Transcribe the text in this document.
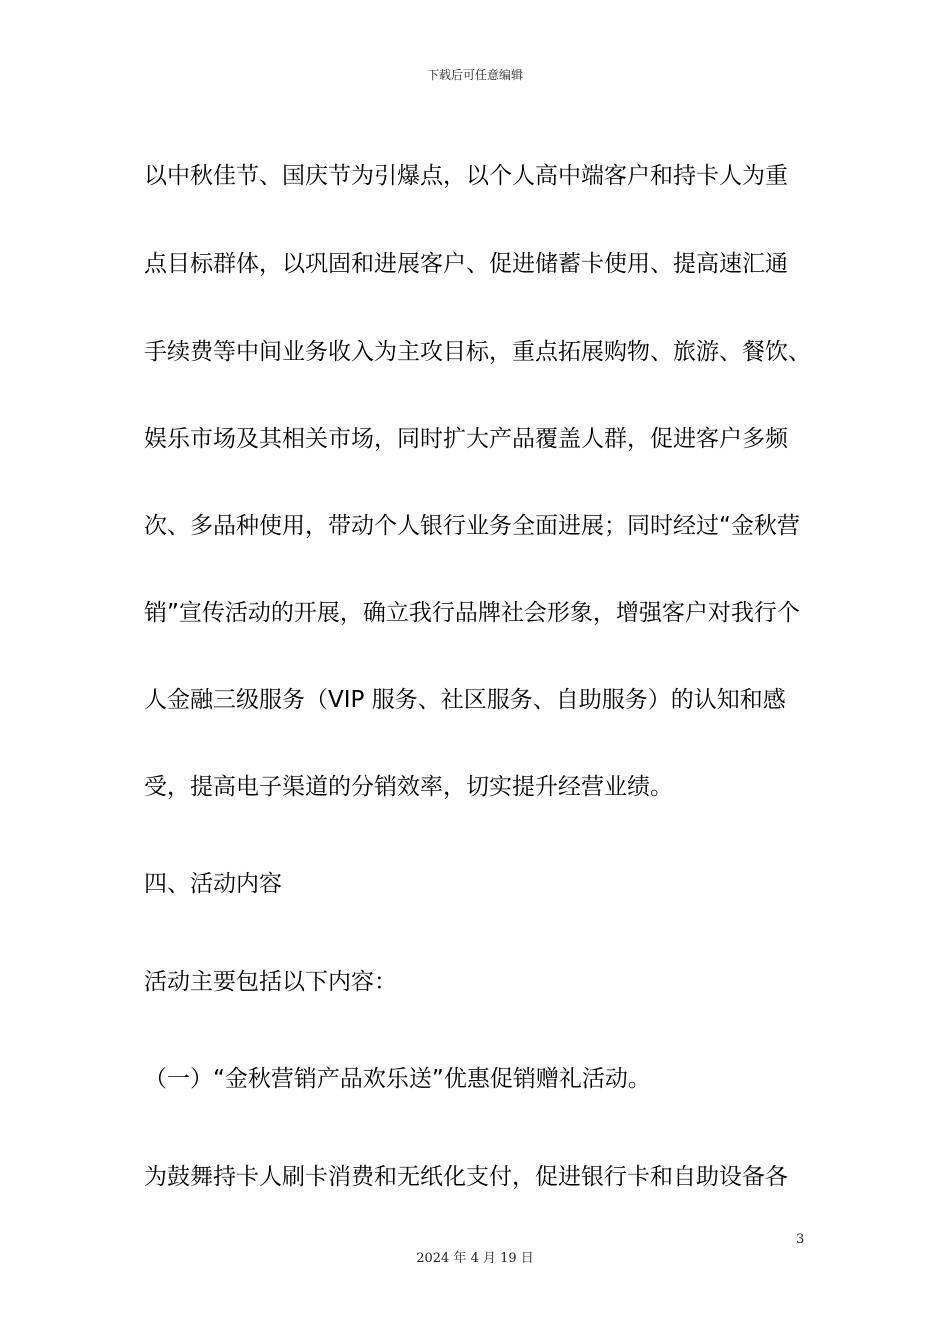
下载后可任意编辑
以中秋佳节、国庆节为引爆点，以个人高中端客户和持卡人为重
点目标群体，以巩固和进展客户、促进储蓄卡使用、提高速汇通
手续费等中间业务收入为主攻目标，重点拓展购物、旅游、餐饮、
娱乐市场及其相关市场，同时扩大产品覆盖人群，促进客户多频
次、多品种使用，带动个人银行业务全面进展；同时经过“金秋营
销”宣传活动的开展，确立我行品牌社会形象，增强客户对我行个
人金融三级服务（VIP 服务、社区服务、自助服务）的认知和感
受，提高电子渠道的分销效率，切实提升经营业绩。
四、活动内容
活动主要包括以下内容：
（一）“金秋营销产品欢乐送”优惠促销赠礼活动。
为鼓舞持卡人刷卡消费和无纸化支付，促进银行卡和自助设备各
3
2024 年 4 月 19 日
